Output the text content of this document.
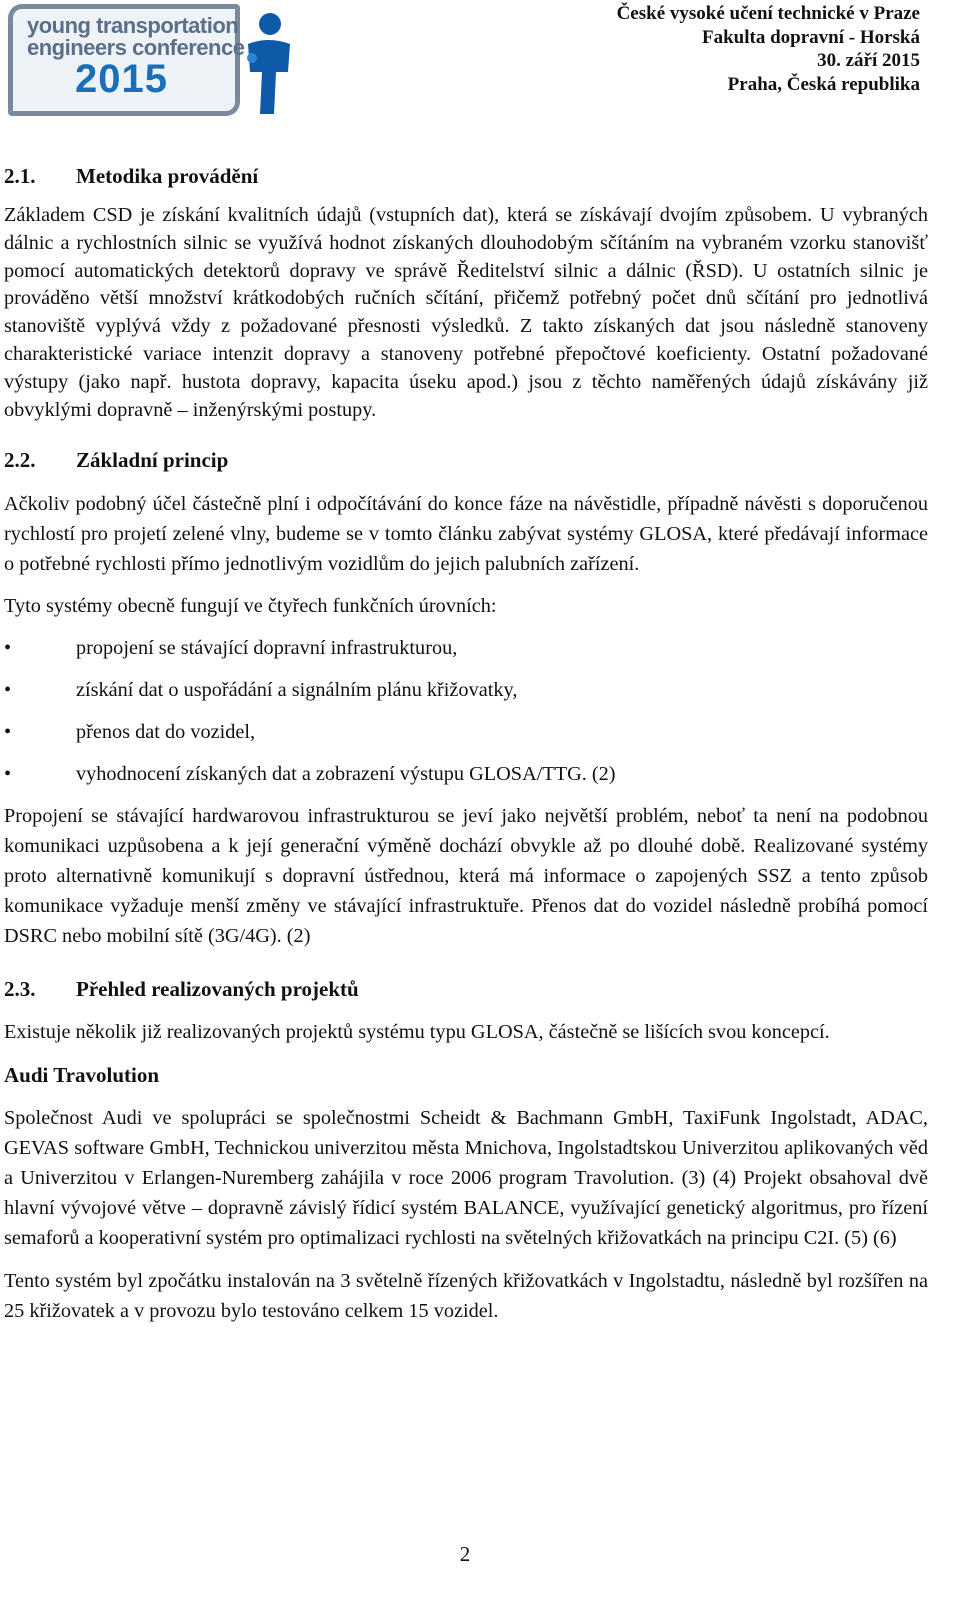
young transportation
engineers conference
2015
České vysoké učení technické v Praze
Fakulta dopravní - Horská
30. září 2015
Praha, Česká republika
2.1.	Metodika provádění

Základem CSD je získání kvalitních údajů (vstupních dat), která se získávají dvojím způsobem. U vybraných dálnic a rychlostních silnic se využívá hodnot získaných dlouhodobým sčítáním na vybraném vzorku stanovišť pomocí automatických detektorů dopravy ve správě Ředitelství silnic a dálnic (ŘSD). U ostatních silnic je prováděno větší množství krátkodobých ručních sčítání, přičemž potřebný počet dnů sčítání pro jednotlivá stanoviště vyplývá vždy z požadované přesnosti výsledků. Z takto získaných dat jsou následně stanoveny charakteristické variace intenzit dopravy a stanoveny potřebné přepočtové koeficienty. Ostatní požadované výstupy (jako např. hustota dopravy, kapacita úseku apod.) jsou z těchto naměřených údajů získávány již obvyklými dopravně – inženýrskými postupy.

2.2.	Základní princip

Ačkoliv podobný účel částečně plní i odpočítávání do konce fáze na návěstidle, případně návěsti s doporučenou rychlostí pro projetí zelené vlny, budeme se v tomto článku zabývat systémy GLOSA, které předávají informace o potřebné rychlosti přímo jednotlivým vozidlům do jejich palubních zařízení.

Tyto systémy obecně fungují ve čtyřech funkčních úrovních:

•	propojení se stávající dopravní infrastrukturou,
•	získání dat o uspořádání a signálním plánu křižovatky,
•	přenos dat do vozidel,
•	vyhodnocení získaných dat a zobrazení výstupu GLOSA/TTG. (2)

Propojení se stávající hardwarovou infrastrukturou se jeví jako největší problém, neboť ta není na podobnou komunikaci uzpůsobena a k její generační výměně dochází obvykle až po dlouhé době. Realizované systémy proto alternativně komunikují s dopravní ústřednou, která má informace o zapojených SSZ a tento způsob komunikace vyžaduje menší změny ve stávající infrastruktuře. Přenos dat do vozidel následně probíhá pomocí DSRC nebo mobilní sítě (3G/4G). (2)

2.3.	Přehled realizovaných projektů

Existuje několik již realizovaných projektů systému typu GLOSA, částečně se lišících svou koncepcí.

Audi Travolution

Společnost Audi ve spolupráci se společnostmi Scheidt & Bachmann GmbH, TaxiFunk Ingolstadt, ADAC, GEVAS software GmbH, Technickou univerzitou města Mnichova, Ingolstadtskou Univerzitou aplikovaných věd a Univerzitou v Erlangen-Nuremberg zahájila v roce 2006 program Travolution. (3) (4) Projekt obsahoval dvě hlavní vývojové větve – dopravně závislý řídicí systém BALANCE, využívající genetický algoritmus, pro řízení semaforů a kooperativní systém pro optimalizaci rychlosti na světelných křižovatkách na principu C2I. (5) (6)

Tento systém byl zpočátku instalován na 3 světelně řízených křižovatkách v Ingolstadtu, následně byl rozšířen na 25 křižovatek a v provozu bylo testováno celkem 15 vozidel.

2
